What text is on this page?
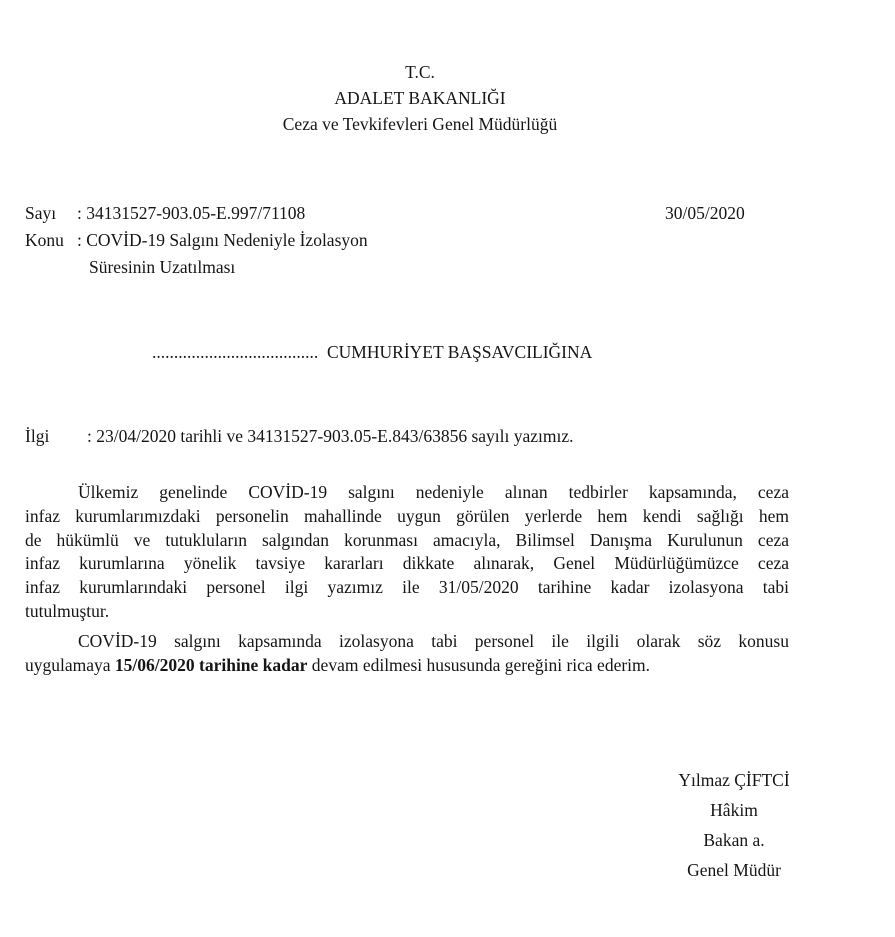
T.C.
ADALET BAKANLIĞI
Ceza ve Tevkifevleri Genel Müdürlüğü
Sayı : 34131527-903.05-E.997/71108	30/05/2020
Konu : COVİD-19 Salgını Nedeniyle İzolasyon
Süresinin Uzatılması
...................................... CUMHURİYET BAŞSAVCILIĞINA
İlgi : 23/04/2020 tarihli ve 34131527-903.05-E.843/63856 sayılı yazımız.
Ülkemiz genelinde COVİD-19 salgını nedeniyle alınan tedbirler kapsamında, ceza
infaz kurumlarımızdaki personelin mahallinde uygun görülen yerlerde hem kendi sağlığı hem
de hükümlü ve tutukluların salgından korunması amacıyla, Bilimsel Danışma Kurulunun ceza
infaz kurumlarına yönelik tavsiye kararları dikkate alınarak, Genel Müdürlüğümüzce ceza
infaz kurumlarındaki personel ilgi yazımız ile 31/05/2020 tarihine kadar izolasyona tabi
tutulmuştur.
COVİD-19 salgını kapsamında izolasyona tabi personel ile ilgili olarak söz konusu
uygulamaya 15/06/2020 tarihine kadar devam edilmesi hususunda gereğini rica ederim.
Yılmaz ÇİFTCİ
Hâkim
Bakan a.
Genel Müdür
